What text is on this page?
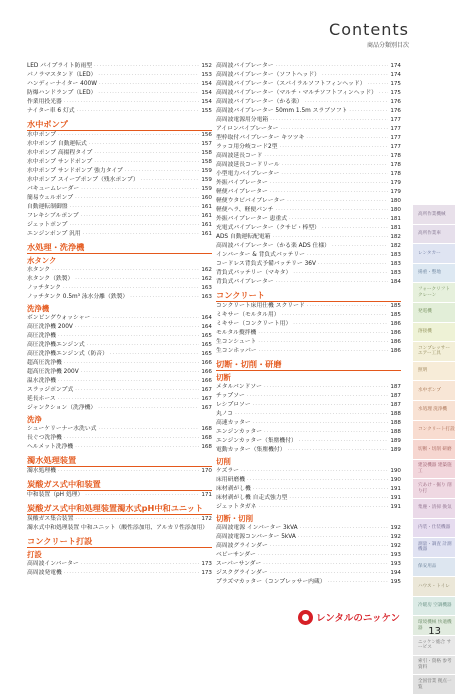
Contents
商品分類別目次
LED パイプライト防雨型 ·····	152
パノラマスタンド（LED） ·····	153
ハンディーナイター 400W ·····	154
防爆ハンドランプ（LED） ·····	154
作業用投光器 ·····	154
ナイター車 6 灯式 ·····	155
水中ポンプ
水中ポンプ ·····	156
水中ポンプ 自動運転式 ·····	157
水中ポンプ 高揚程タイプ ·····	158
水中ポンプ サンドポンプ ·····	158
水中ポンプ サンドポンプ 強力タイプ ·····	159
水中ポンプ スイープポンプ（残水ポンプ） ·····	159
バキュームレーダー ·····	159
簡易ウェルポンプ ·····	160
自動運転制御盤 ·····	161
フレキシブルポンプ ·····	161
ジェットポンプ ·····	161
エンジンポンプ 汎用 ·····	161
水処理・洗浄機
水タンク
水タンク ·····	162
水タンク（鉄製） ·····	162
ノッチタンク ·····	163
ノッチタンク 0.5m³ 泳水分離（鉄製） ·····	163
洗浄機
ボンビングウォッシャー ·····	164
高圧洗浄機 200V ·····	164
高圧洗浄機 ·····	165
高圧洗浄機エンジン式 ·····	165
高圧洗浄機エンジン式（防音） ·····	165
超高圧洗浄機 ·····	166
超高圧洗浄機 200V ·····	166
温水洗浄機 ·····	166
スラッジポンプ式 ·····	167
延長ホース ·····	167
ジャンクション（洗浄機） ·····	167
洗浄
シューケリーナー水洗い式 ·····	168
長ぐつ洗浄機 ·····	168
ヘルメット洗浄機 ·····	168
濁水処理装置
濁水処理機 ·····	170
炭酸ガス式中和装置
中和装置（pH 処理） ·····	171
炭酸ガス式中和処理装置濁水式pH中和ユニット
炭酸ガス集合装置 ·····	172
濁水式中和処理装置 中和ユニット（酸性添加用、アルカリ性添加用）
コンクリート打設
打設
高周波インバーター ·····	173
高周波発電機 ·····	173
高周波バイブレーター ·····	174
高周波バイブレーター（ソフトヘッド） ·····	174
高周波バイブレーター（スパイラルソフトフィンヘッド） ·····	175
高周波バイブレーター（マルチ・マルチソフトフィンヘッド） ····· 175
高周波バイブレーター（かる楽） ·····	176
高周波バイブレーター 50mm 1.5m スラブソフト ·····	176
高周波電源用分電箱 ·····	177
アイロンバイブレーター ·····	177
型枠取付バイブレーター キツツキ ·····	177
ラッコ用分岐コード2型 ·····	177
高周波延長コード ·····	178
高周波延長コードリール ·····	178
小型電力バイブレーター ·····	178
外振バイブレーター ·····	179
軽便バイブレーター ·····	179
軽便ウタビバイブレーター ·····	180
軽便ヘラ、軽便パンチ ·····	180
外振バイブレーター 恵重式 ·····	181
充電式バイブレーター（クサビ・棒型） ·····	181
ADS 自動運転配電箱 ·····	182
高周波バイブレーター（かる楽 ADS 仕様） ·····	182
インバーター & 背負式バッテリー ·····	183
コードレス背負式予備バッテリー 36V ·····	183
背負式バッテリー（マキタ） ·····	183
背負式バイブレーター ·····	184
コンクリート
コンクリート床用仕機 スクリード ·····	185
ミキサー（モルタル用） ·····	185
ミキサー（コンクリート用） ·····	186
モルタル攪拌機 ·····	186
生コンシュート ·····	186
生コンホッパー ·····	186
切断・切削・研磨
切断
メタルバンドソー ·····	187
チップソー ·····	187
レシプロソー ·····	187
丸ノコ ·····	188
高速カッター ·····	188
エンジンカッター ·····	188
エンジンカッター（集塵機付） ·····	189
電動カッター（集塵機付） ·····	189
切削
ケズラー ·····	190
床用研磨機 ·····	190
床材剥がし機 ·····	191
床材剥がし機 自走式強力型 ·····	191
ジェットタガネ ·····	191
切断・切削
高周波電源 インバーター 3kVA ·····	192
高周波電源コンバーター 5kVA ·····	192
高周波グラインダー ·····	192
ベビーサンダー ·····	193
スーパーサンダー ·····	193
ジスクグラインダー ·····	194
プラズマカッター（コンプレッサー内蔵） ·····	195
高所作業機械
高所作業車
レンタカー
揚重・整地
フォークリフト クレーン
発電機
溶接機
コンプレッサー エアー工具
照明
水中ポンプ
水処理 洗浄機
コンクリート打設
切断・切削 研磨
建設機器 建築施工
穴あけ・掘り 削り打
集塵・清掃 換気
内装・仕装機器
測量・調査 計測機器
保安用品
ハウス・トイレ
冷暖房 空調機器
環境機械 快適機器
ニッケン総合 サービス
索引・資格 参考資料
全国営業 拠点一覧
レンタルのニッケン
13
